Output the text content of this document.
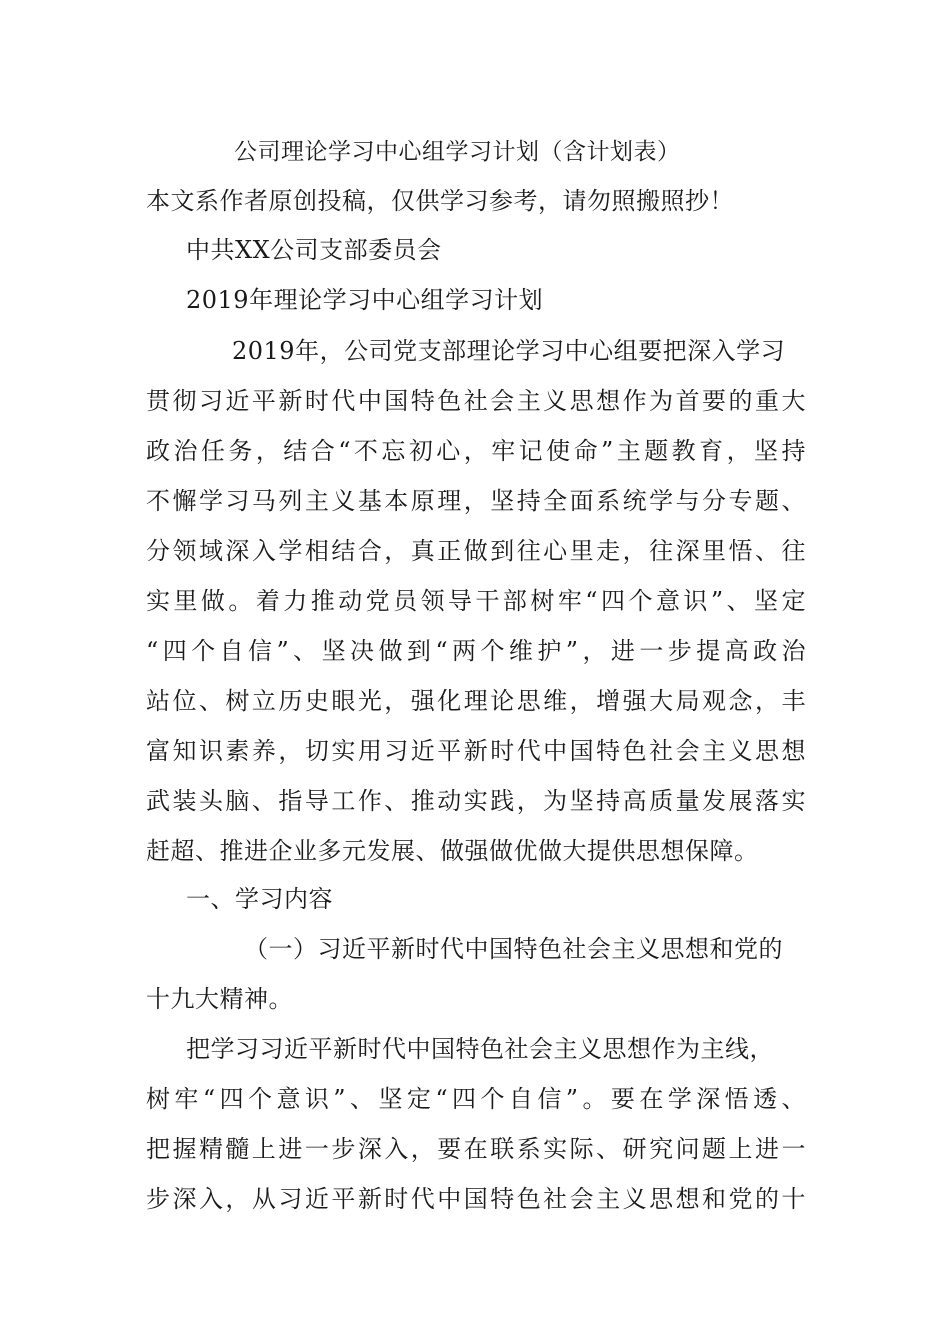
公司理论学习中心组学习计划（含计划表）
本文系作者原创投稿，仅供学习参考，请勿照搬照抄！
中共XX公司支部委员会
2019年理论学习中心组学习计划
2019年，公司党支部理论学习中心组要把深入学习
贯彻习近平新时代中国特色社会主义思想作为首要的重大
政治任务，结合“不忘初心，牢记使命”主题教育，坚持
不懈学习马列主义基本原理，坚持全面系统学与分专题、
分领域深入学相结合，真正做到往心里走，往深里悟、往
实里做。着力推动党员领导干部树牢“四个意识”、坚定
“四个自信”、坚决做到“两个维护”，进一步提高政治
站位、树立历史眼光，强化理论思维，增强大局观念，丰
富知识素养，切实用习近平新时代中国特色社会主义思想
武装头脑、指导工作、推动实践，为坚持高质量发展落实
赶超、推进企业多元发展、做强做优做大提供思想保障。
一、学习内容
（一）习近平新时代中国特色社会主义思想和党的
十九大精神。
把学习习近平新时代中国特色社会主义思想作为主线，
树牢“四个意识”、坚定“四个自信”。要在学深悟透、
把握精髓上进一步深入，要在联系实际、研究问题上进一
步深入，从习近平新时代中国特色社会主义思想和党的十
